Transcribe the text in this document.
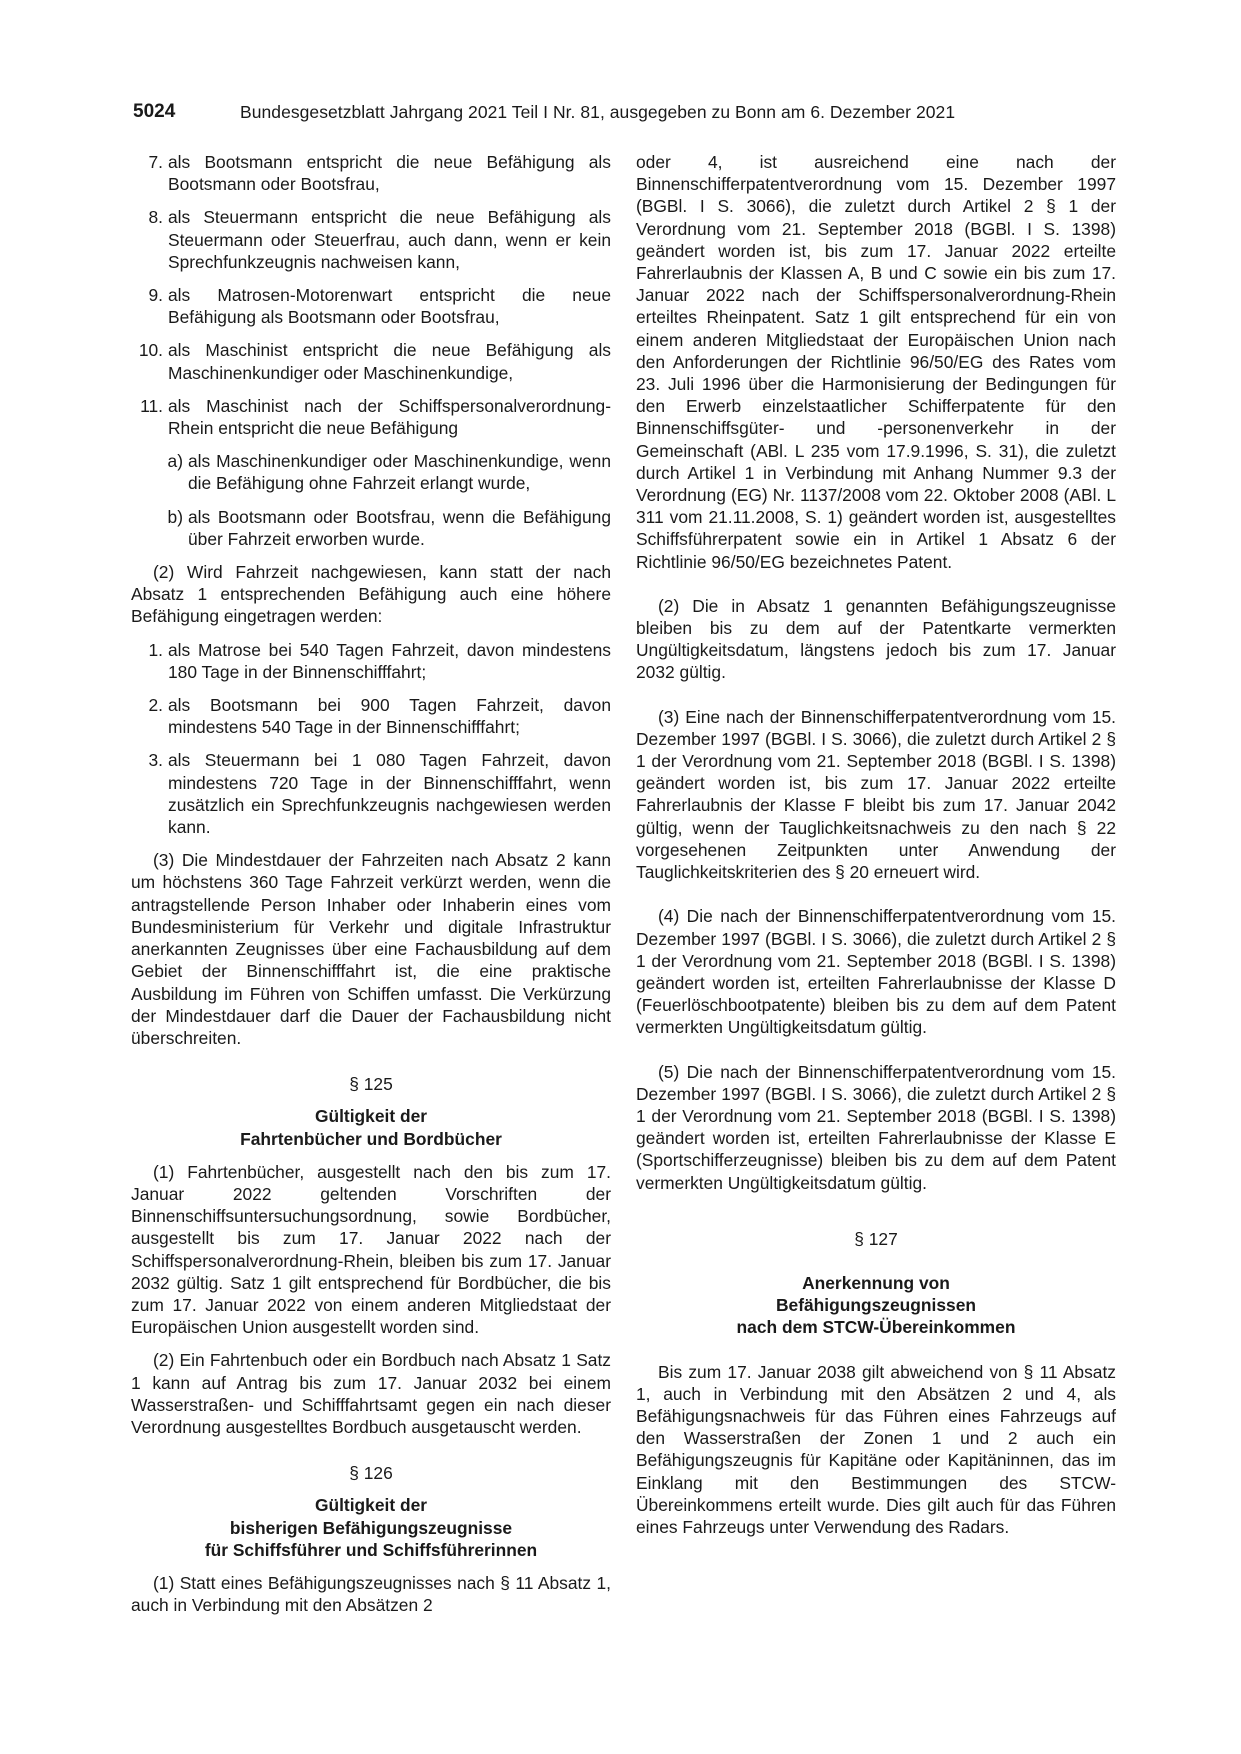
5024	Bundesgesetzblatt Jahrgang 2021 Teil I Nr. 81, ausgegeben zu Bonn am 6. Dezember 2021
7. als Bootsmann entspricht die neue Befähigung als Bootsmann oder Bootsfrau,

8. als Steuermann entspricht die neue Befähigung als Steuermann oder Steuerfrau, auch dann, wenn er kein Sprechfunkzeugnis nachweisen kann,

9. als Matrosen-Motorenwart entspricht die neue Befähigung als Bootsmann oder Bootsfrau,

10. als Maschinist entspricht die neue Befähigung als Maschinenkundiger oder Maschinenkundige,

11. als Maschinist nach der Schiffspersonalverordnung-Rhein entspricht die neue Befähigung

a) als Maschinenkundiger oder Maschinenkundige, wenn die Befähigung ohne Fahrzeit erlangt wurde,

b) als Bootsmann oder Bootsfrau, wenn die Befähigung über Fahrzeit erworben wurde.

(2) Wird Fahrzeit nachgewiesen, kann statt der nach Absatz 1 entsprechenden Befähigung auch eine höhere Befähigung eingetragen werden:

1. als Matrose bei 540 Tagen Fahrzeit, davon mindestens 180 Tage in der Binnenschifffahrt;

2. als Bootsmann bei 900 Tagen Fahrzeit, davon mindestens 540 Tage in der Binnenschifffahrt;

3. als Steuermann bei 1 080 Tagen Fahrzeit, davon mindestens 720 Tage in der Binnenschifffahrt, wenn zusätzlich ein Sprechfunkzeugnis nachgewiesen werden kann.

(3) Die Mindestdauer der Fahrzeiten nach Absatz 2 kann um höchstens 360 Tage Fahrzeit verkürzt werden, wenn die antragstellende Person Inhaber oder Inhaberin eines vom Bundesministerium für Verkehr und digitale Infrastruktur anerkannten Zeugnisses über eine Fachausbildung auf dem Gebiet der Binnenschifffahrt ist, die eine praktische Ausbildung im Führen von Schiffen umfasst. Die Verkürzung der Mindestdauer darf die Dauer der Fachausbildung nicht überschreiten.

§ 125

Gültigkeit der
Fahrtenbücher und Bordbücher

(1) Fahrtenbücher, ausgestellt nach den bis zum 17. Januar 2022 geltenden Vorschriften der Binnenschiffsuntersuchungsordnung, sowie Bordbücher, ausgestellt bis zum 17. Januar 2022 nach der Schiffspersonalverordnung-Rhein, bleiben bis zum 17. Januar 2032 gültig. Satz 1 gilt entsprechend für Bordbücher, die bis zum 17. Januar 2022 von einem anderen Mitgliedstaat der Europäischen Union ausgestellt worden sind.

(2) Ein Fahrtenbuch oder ein Bordbuch nach Absatz 1 Satz 1 kann auf Antrag bis zum 17. Januar 2032 bei einem Wasserstraßen- und Schifffahrtsamt gegen ein nach dieser Verordnung ausgestelltes Bordbuch ausgetauscht werden.

§ 126

Gültigkeit der
bisherigen Befähigungszeugnisse
für Schiffsführer und Schiffsführerinnen

(1) Statt eines Befähigungszeugnisses nach § 11 Absatz 1, auch in Verbindung mit den Absätzen 2

oder 4, ist ausreichend eine nach der Binnenschifferpatentverordnung vom 15. Dezember 1997 (BGBl. I S. 3066), die zuletzt durch Artikel 2 § 1 der Verordnung vom 21. September 2018 (BGBl. I S. 1398) geändert worden ist, bis zum 17. Januar 2022 erteilte Fahrerlaubnis der Klassen A, B und C sowie ein bis zum 17. Januar 2022 nach der Schiffspersonalverordnung-Rhein erteiltes Rheinpatent. Satz 1 gilt entsprechend für ein von einem anderen Mitgliedstaat der Europäischen Union nach den Anforderungen der Richtlinie 96/50/EG des Rates vom 23. Juli 1996 über die Harmonisierung der Bedingungen für den Erwerb einzelstaatlicher Schifferpatente für den Binnenschiffsgüter- und -personenverkehr in der Gemeinschaft (ABl. L 235 vom 17.9.1996, S. 31), die zuletzt durch Artikel 1 in Verbindung mit Anhang Nummer 9.3 der Verordnung (EG) Nr. 1137/2008 vom 22. Oktober 2008 (ABl. L 311 vom 21.11.2008, S. 1) geändert worden ist, ausgestelltes Schiffsführerpatent sowie ein in Artikel 1 Absatz 6 der Richtlinie 96/50/EG bezeichnetes Patent.

(2) Die in Absatz 1 genannten Befähigungszeugnisse bleiben bis zu dem auf der Patentkarte vermerkten Ungültigkeitsdatum, längstens jedoch bis zum 17. Januar 2032 gültig.

(3) Eine nach der Binnenschifferpatentverordnung vom 15. Dezember 1997 (BGBl. I S. 3066), die zuletzt durch Artikel 2 § 1 der Verordnung vom 21. September 2018 (BGBl. I S. 1398) geändert worden ist, bis zum 17. Januar 2022 erteilte Fahrerlaubnis der Klasse F bleibt bis zum 17. Januar 2042 gültig, wenn der Tauglichkeitsnachweis zu den nach § 22 vorgesehenen Zeitpunkten unter Anwendung der Tauglichkeitskriterien des § 20 erneuert wird.

(4) Die nach der Binnenschifferpatentverordnung vom 15. Dezember 1997 (BGBl. I S. 3066), die zuletzt durch Artikel 2 § 1 der Verordnung vom 21. September 2018 (BGBl. I S. 1398) geändert worden ist, erteilten Fahrerlaubnisse der Klasse D (Feuerlöschbootpatente) bleiben bis zu dem auf dem Patent vermerkten Ungültigkeitsdatum gültig.

(5) Die nach der Binnenschifferpatentverordnung vom 15. Dezember 1997 (BGBl. I S. 3066), die zuletzt durch Artikel 2 § 1 der Verordnung vom 21. September 2018 (BGBl. I S. 1398) geändert worden ist, erteilten Fahrerlaubnisse der Klasse E (Sportschifferzeugnisse) bleiben bis zu dem auf dem Patent vermerkten Ungültigkeitsdatum gültig.

§ 127

Anerkennung von
Befähigungszeugnissen
nach dem STCW-Übereinkommen

Bis zum 17. Januar 2038 gilt abweichend von § 11 Absatz 1, auch in Verbindung mit den Absätzen 2 und 4, als Befähigungsnachweis für das Führen eines Fahrzeugs auf den Wasserstraßen der Zonen 1 und 2 auch ein Befähigungszeugnis für Kapitäne oder Kapitäninnen, das im Einklang mit den Bestimmungen des STCW-Übereinkommens erteilt wurde. Dies gilt auch für das Führen eines Fahrzeugs unter Verwendung des Radars.
